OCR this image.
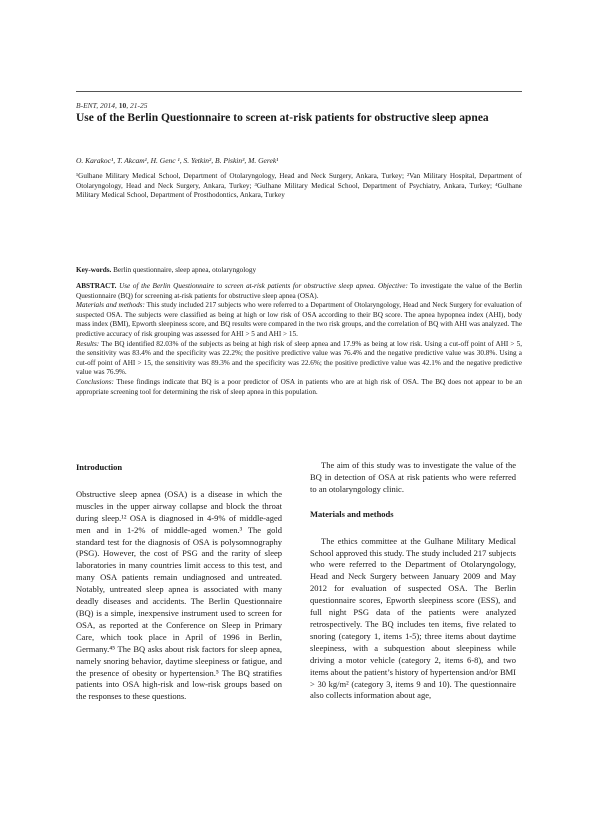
B-ENT, 2014, 10, 21-25
Use of the Berlin Questionnaire to screen at-risk patients for obstructive sleep apnea
O. Karakoc¹, T. Akcam¹, H. Genc ¹, S. Yetkin², B. Piskin³, M. Gerek¹
¹Gulhane Military Medical School, Department of Otolaryngology, Head and Neck Surgery, Ankara, Turkey; ²Van Military Hospital, Department of Otolaryngology, Head and Neck Surgery, Ankara, Turkey; ³Gulhane Military Medical School, Department of Psychiatry, Ankara, Turkey; ⁴Gulhane Military Medical School, Department of Prosthodontics, Ankara, Turkey
Key-words. Berlin questionnaire, sleep apnea, otolaryngology
ABSTRACT. Use of the Berlin Questionnaire to screen at-risk patients for obstructive sleep apnea. Objective: To investigate the value of the Berlin Questionnaire (BQ) for screening at-risk patients for obstructive sleep apnea (OSA).
Materials and methods: This study included 217 subjects who were referred to a Department of Otolaryngology, Head and Neck Surgery for evaluation of suspected OSA. The subjects were classified as being at high or low risk of OSA according to their BQ score. The apnea hypopnea index (AHI), body mass index (BMI), Epworth sleepiness score, and BQ results were compared in the two risk groups, and the correlation of BQ with AHI was analyzed. The predictive accuracy of risk grouping was assessed for AHI > 5 and AHI > 15.
Results: The BQ identified 82.03% of the subjects as being at high risk of sleep apnea and 17.9% as being at low risk. Using a cut-off point of AHI > 5, the sensitivity was 83.4% and the specificity was 22.2%; the positive predictive value was 76.4% and the negative predictive value was 30.8%. Using a cut-off point of AHI > 15, the sensitivity was 89.3% and the specificity was 22.6%; the positive predictive value was 42.1% and the negative predictive value was 76.9%.
Conclusions: These findings indicate that BQ is a poor predictor of OSA in patients who are at high risk of OSA. The BQ does not appear to be an appropriate screening tool for determining the risk of sleep apnea in this population.
Introduction

Obstructive sleep apnea (OSA) is a disease in which the muscles in the upper airway collapse and block the throat during sleep.¹² OSA is diagnosed in 4-9% of middle-aged men and in 1-2% of middle-aged women.³ The gold standard test for the diagnosis of OSA is polysomnography (PSG). However, the cost of PSG and the rarity of sleep laboratories in many countries limit access to this test, and many OSA patients remain undiagnosed and untreated. Notably, untreated sleep apnea is associated with many deadly diseases and accidents. The Berlin Questionnaire (BQ) is a simple, inexpensive instrument used to screen for OSA, as reported at the Conference on Sleep in Primary Care, which took place in April of 1996 in Berlin, Germany.⁴⁵ The BQ asks about risk factors for sleep apnea, namely snoring behavior, daytime sleepiness or fatigue, and the presence of obesity or hypertension.⁵ The BQ stratifies patients into OSA high-risk and low-risk groups based on the responses to these questions.

The aim of this study was to investigate the value of the BQ in detection of OSA at risk patients who were referred to an otolaryngology clinic.

Materials and methods

The ethics committee at the Gulhane Military Medical School approved this study. The study included 217 subjects who were referred to the Department of Otolaryngology, Head and Neck Surgery between January 2009 and May 2012 for evaluation of suspected OSA. The Berlin questionnaire scores, Epworth sleepiness score (ESS), and full night PSG data of the patients were analyzed retrospectively. The BQ includes ten items, five related to snoring (category 1, items 1-5); three items about daytime sleepiness, with a subquestion about sleepiness while driving a motor vehicle (category 2, items 6-8), and two items about the patient’s history of hypertension and/or BMI > 30 kg/m² (category 3, items 9 and 10). The questionnaire also collects information about age,
